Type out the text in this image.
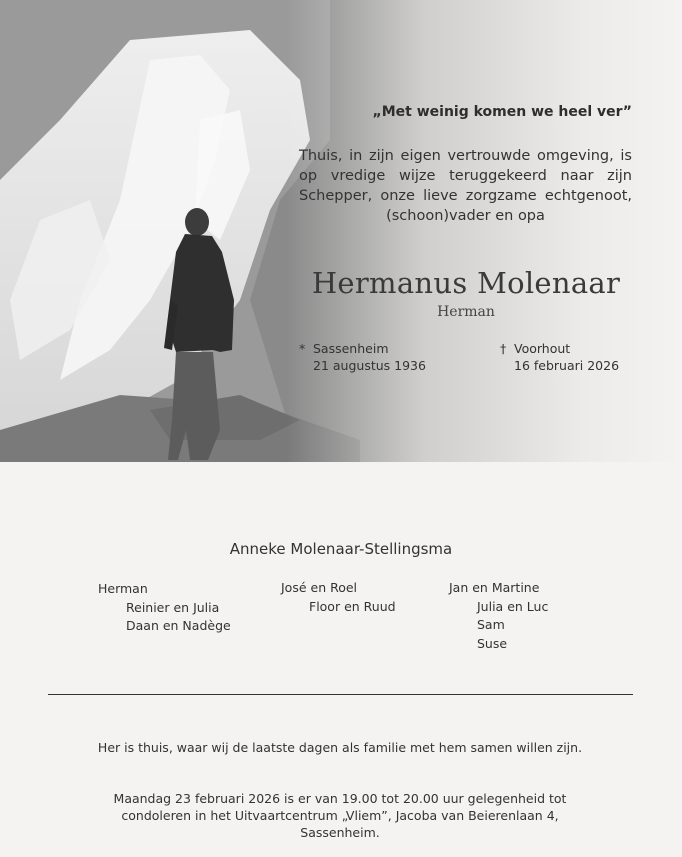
„Met weinig komen we heel ver”
Thuis, in zijn eigen vertrouwde omgeving, is op vredige wijze teruggekeerd naar zijn Schepper, onze lieve zorgzame echtgenoot, (schoon)vader en opa
Hermanus Molenaar
Herman
* Sassenheim
21 augustus 1936
† Voorhout
16 februari 2026
Anneke Molenaar-Stellingsma
Herman
Reinier en Julia
Daan en Nadège
José en Roel
Floor en Ruud
Jan en Martine
Julia en Luc
Sam
Suse
Her is thuis, waar wij de laatste dagen als familie met hem samen willen zijn.
Maandag 23 februari 2026 is er van 19.00 tot 20.00 uur gelegenheid tot condoleren in het Uitvaartcentrum „Vliem”, Jacoba van Beierenlaan 4, Sassenheim.
